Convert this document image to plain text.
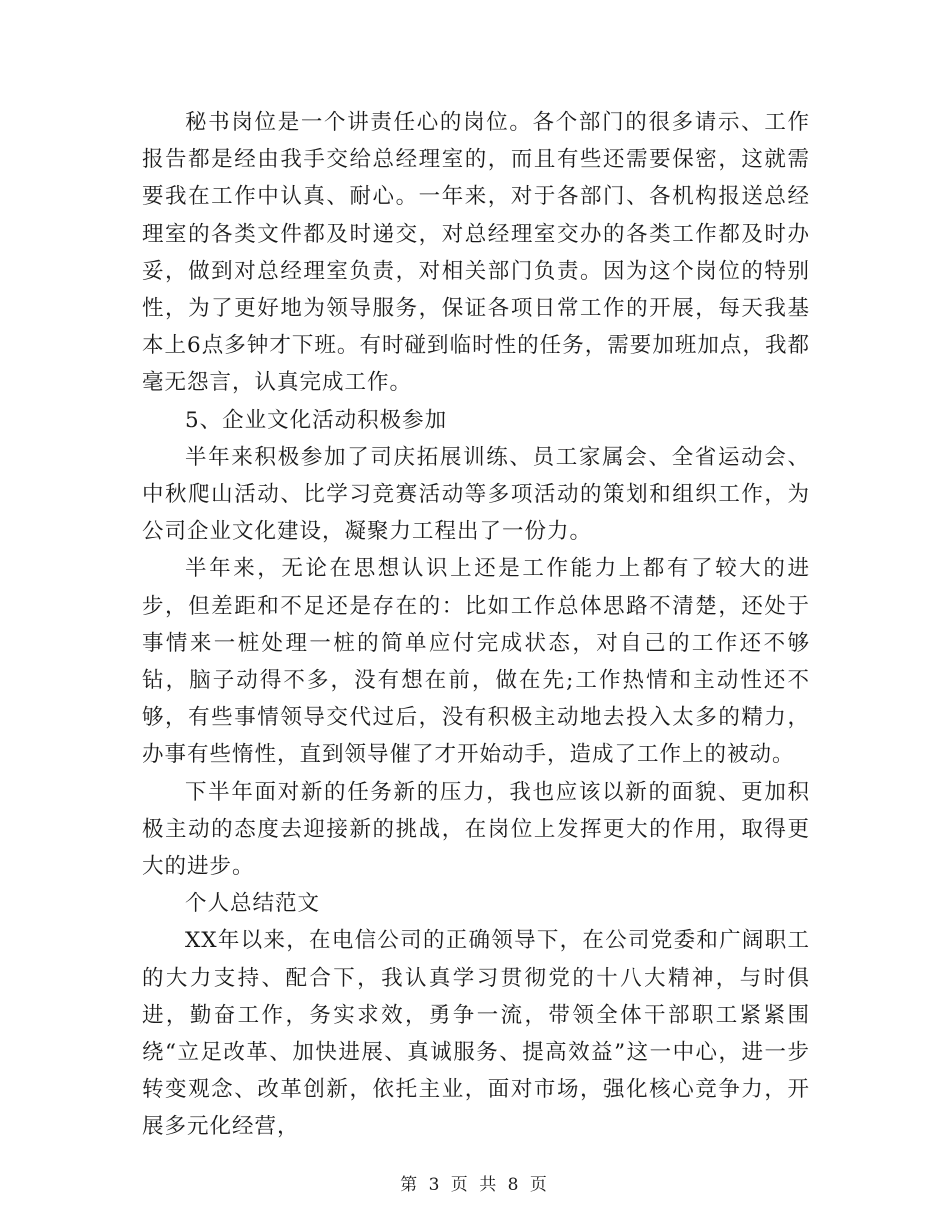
秘书岗位是一个讲责任心的岗位。各个部门的很多请示、工作报告都是经由我手交给总经理室的，而且有些还需要保密，这就需要我在工作中认真、耐心。一年来，对于各部门、各机构报送总经理室的各类文件都及时递交，对总经理室交办的各类工作都及时办妥，做到对总经理室负责，对相关部门负责。因为这个岗位的特别性，为了更好地为领导服务，保证各项日常工作的开展，每天我基本上6点多钟才下班。有时碰到临时性的任务，需要加班加点，我都毫无怨言，认真完成工作。

5、企业文化活动积极参加

半年来积极参加了司庆拓展训练、员工家属会、全省运动会、中秋爬山活动、比学习竞赛活动等多项活动的策划和组织工作，为公司企业文化建设，凝聚力工程出了一份力。

半年来，无论在思想认识上还是工作能力上都有了较大的进步，但差距和不足还是存在的：比如工作总体思路不清楚，还处于事情来一桩处理一桩的简单应付完成状态，对自己的工作还不够钻，脑子动得不多，没有想在前，做在先;工作热情和主动性还不够，有些事情领导交代过后，没有积极主动地去投入太多的精力，办事有些惰性，直到领导催了才开始动手，造成了工作上的被动。

下半年面对新的任务新的压力，我也应该以新的面貌、更加积极主动的态度去迎接新的挑战，在岗位上发挥更大的作用，取得更大的进步。

个人总结范文

XX年以来，在电信公司的正确领导下，在公司党委和广阔职工的大力支持、配合下，我认真学习贯彻党的十八大精神，与时俱进，勤奋工作，务实求效，勇争一流，带领全体干部职工紧紧围绕“立足改革、加快进展、真诚服务、提高效益”这一中心，进一步转变观念、改革创新，依托主业，面对市场，强化核心竞争力，开展多元化经营，

第 3 页 共 8 页
